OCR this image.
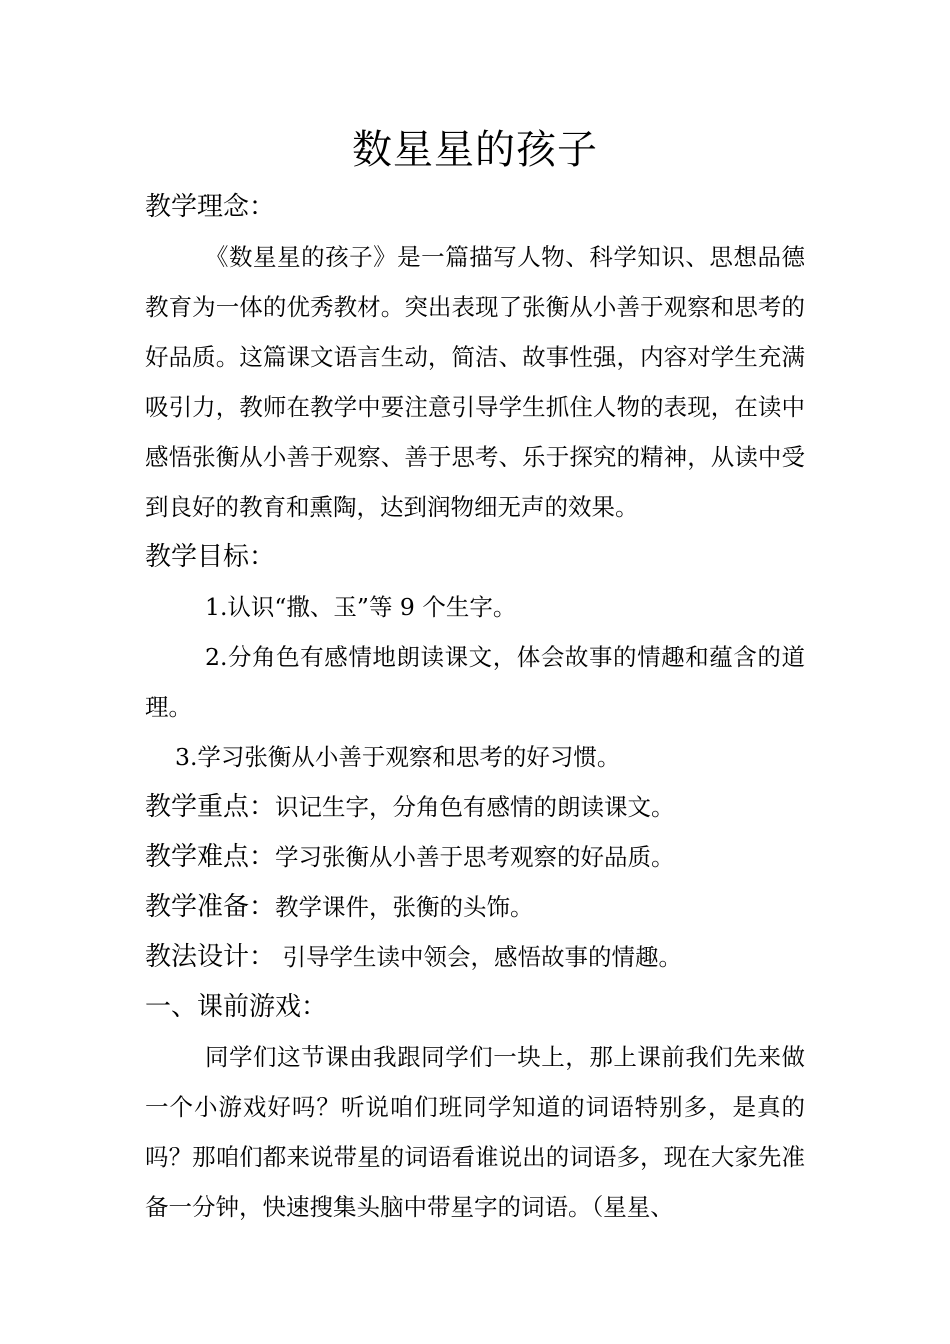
数星星的孩子
教学理念：
《数星星的孩子》是一篇描写人物、科学知识、思想品德教育为一体的优秀教材。突出表现了张衡从小善于观察和思考的好品质。这篇课文语言生动，简洁、故事性强，内容对学生充满吸引力，教师在教学中要注意引导学生抓住人物的表现，在读中感悟张衡从小善于观察、善于思考、乐于探究的精神，从读中受到良好的教育和熏陶，达到润物细无声的效果。
教学目标：
1.认识“撒、玉”等 9 个生字。
2.分角色有感情地朗读课文，体会故事的情趣和蕴含的道理。
3.学习张衡从小善于观察和思考的好习惯。
教学重点：识记生字，分角色有感情的朗读课文。
教学难点：学习张衡从小善于思考观察的好品质。
教学准备：教学课件，张衡的头饰。
教法设计： 引导学生读中领会，感悟故事的情趣。
一、课前游戏：
同学们这节课由我跟同学们一块上，那上课前我们先来做一个小游戏好吗？听说咱们班同学知道的词语特别多，是真的吗？那咱们都来说带星的词语看谁说出的词语多，现在大家先准备一分钟，快速搜集头脑中带星字的词语。（星星、
